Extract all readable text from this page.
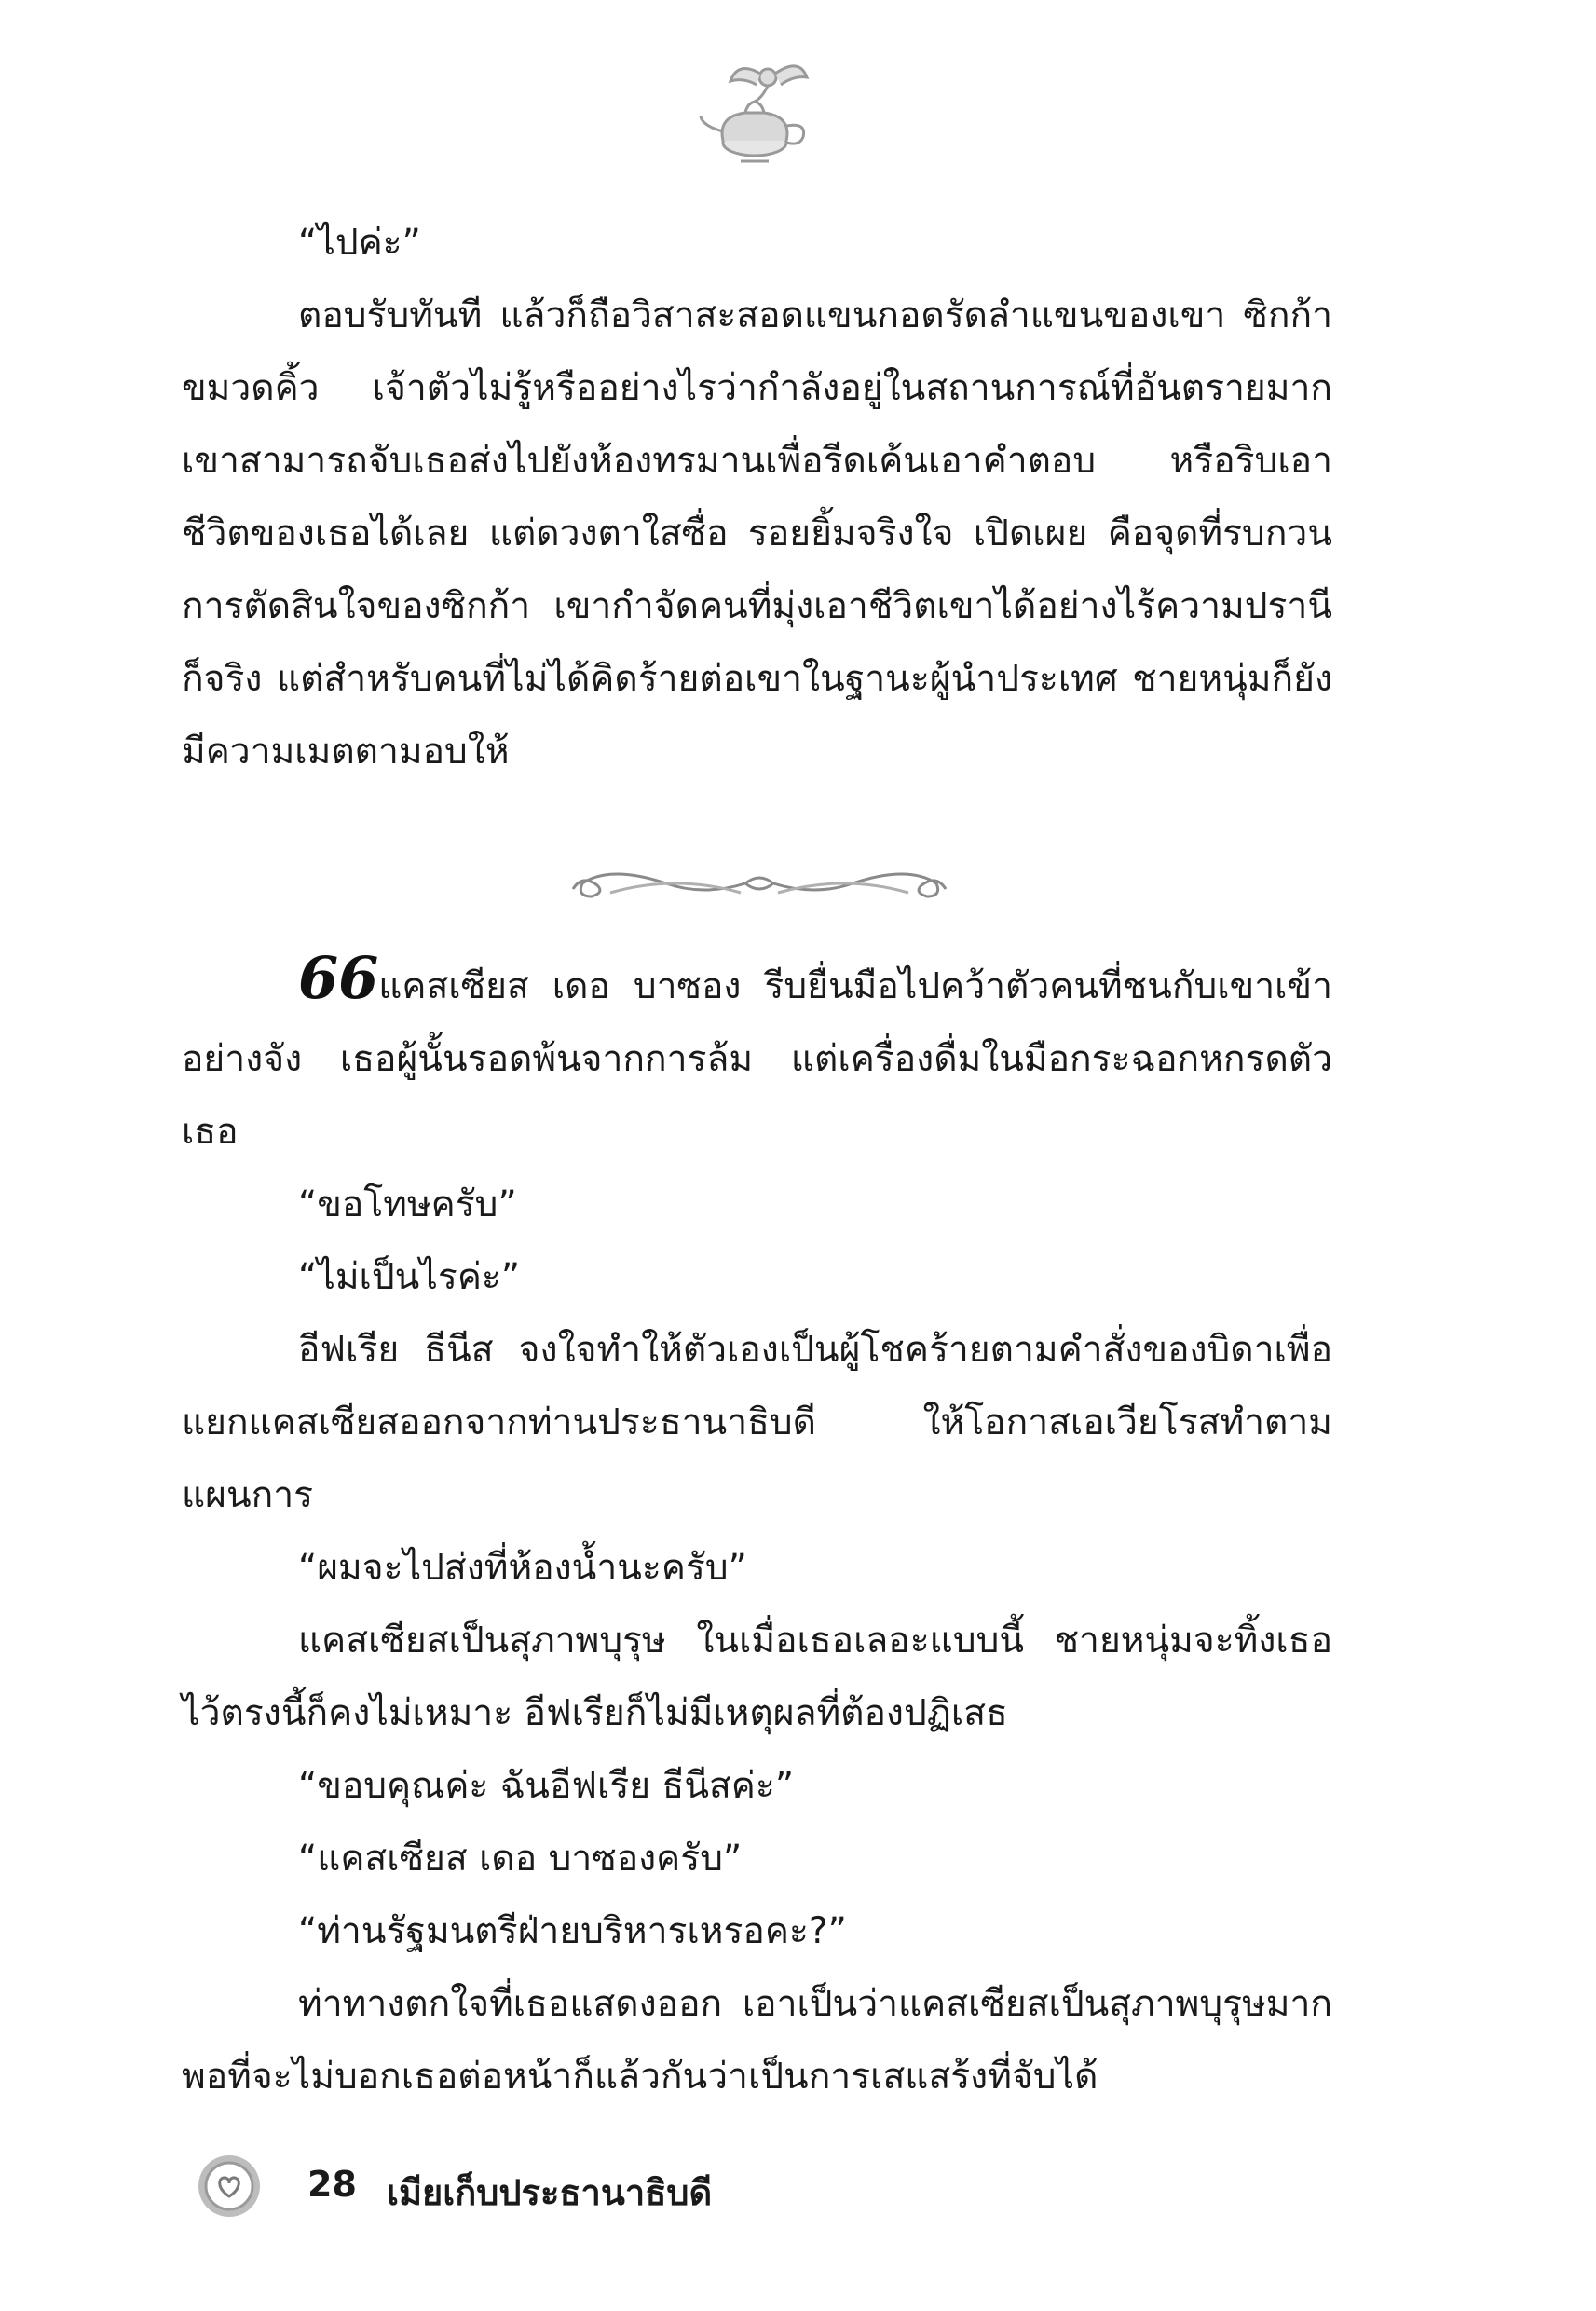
“ไปค่ะ”

ตอบรับทันที แล้วก็ถือวิสาสะสอดแขนกอดรัดลำแขนของเขา ซิกก้าขมวดคิ้ว เจ้าตัวไม่รู้หรืออย่างไรว่ากำลังอยู่ในสถานการณ์ที่อันตรายมาก เขาสามารถจับเธอส่งไปยังห้องทรมานเพื่อรีดเค้นเอาคำตอบ หรือริบเอาชีวิตของเธอได้เลย แต่ดวงตาใสซื่อ รอยยิ้มจริงใจ เปิดเผย คือจุดที่รบกวนการตัดสินใจของซิกก้า เขากำจัดคนที่มุ่งเอาชีวิตเขาได้อย่างไร้ความปรานีก็จริง แต่สำหรับคนที่ไม่ได้คิดร้ายต่อเขาในฐานะผู้นำประเทศ ชายหนุ่มก็ยังมีความเมตตามอบให้

66แคสเซียส เดอ บาซอง รีบยื่นมือไปคว้าตัวคนที่ชนกับเขาเข้าอย่างจัง เธอผู้นั้นรอดพ้นจากการล้ม แต่เครื่องดื่มในมือกระฉอกหกรดตัวเธอ

“ขอโทษครับ”

“ไม่เป็นไรค่ะ”

อีฟเรีย ธีนีส จงใจทำให้ตัวเองเป็นผู้โชคร้ายตามคำสั่งของบิดาเพื่อแยกแคสเซียสออกจากท่านประธานาธิบดี ให้โอกาสเอเวียโรสทำตามแผนการ

“ผมจะไปส่งที่ห้องน้ำนะครับ”

แคสเซียสเป็นสุภาพบุรุษ ในเมื่อเธอเลอะแบบนี้ ชายหนุ่มจะทิ้งเธอไว้ตรงนี้ก็คงไม่เหมาะ อีฟเรียก็ไม่มีเหตุผลที่ต้องปฏิเสธ

“ขอบคุณค่ะ ฉันอีฟเรีย ธีนีสค่ะ”

“แคสเซียส เดอ บาซองครับ”

“ท่านรัฐมนตรีฝ่ายบริหารเหรอคะ?”

ท่าทางตกใจที่เธอแสดงออก เอาเป็นว่าแคสเซียสเป็นสุภาพบุรุษมากพอที่จะไม่บอกเธอต่อหน้าก็แล้วกันว่าเป็นการเสแสร้งที่จับได้

28 เมียเก็บประธานาธิบดี
